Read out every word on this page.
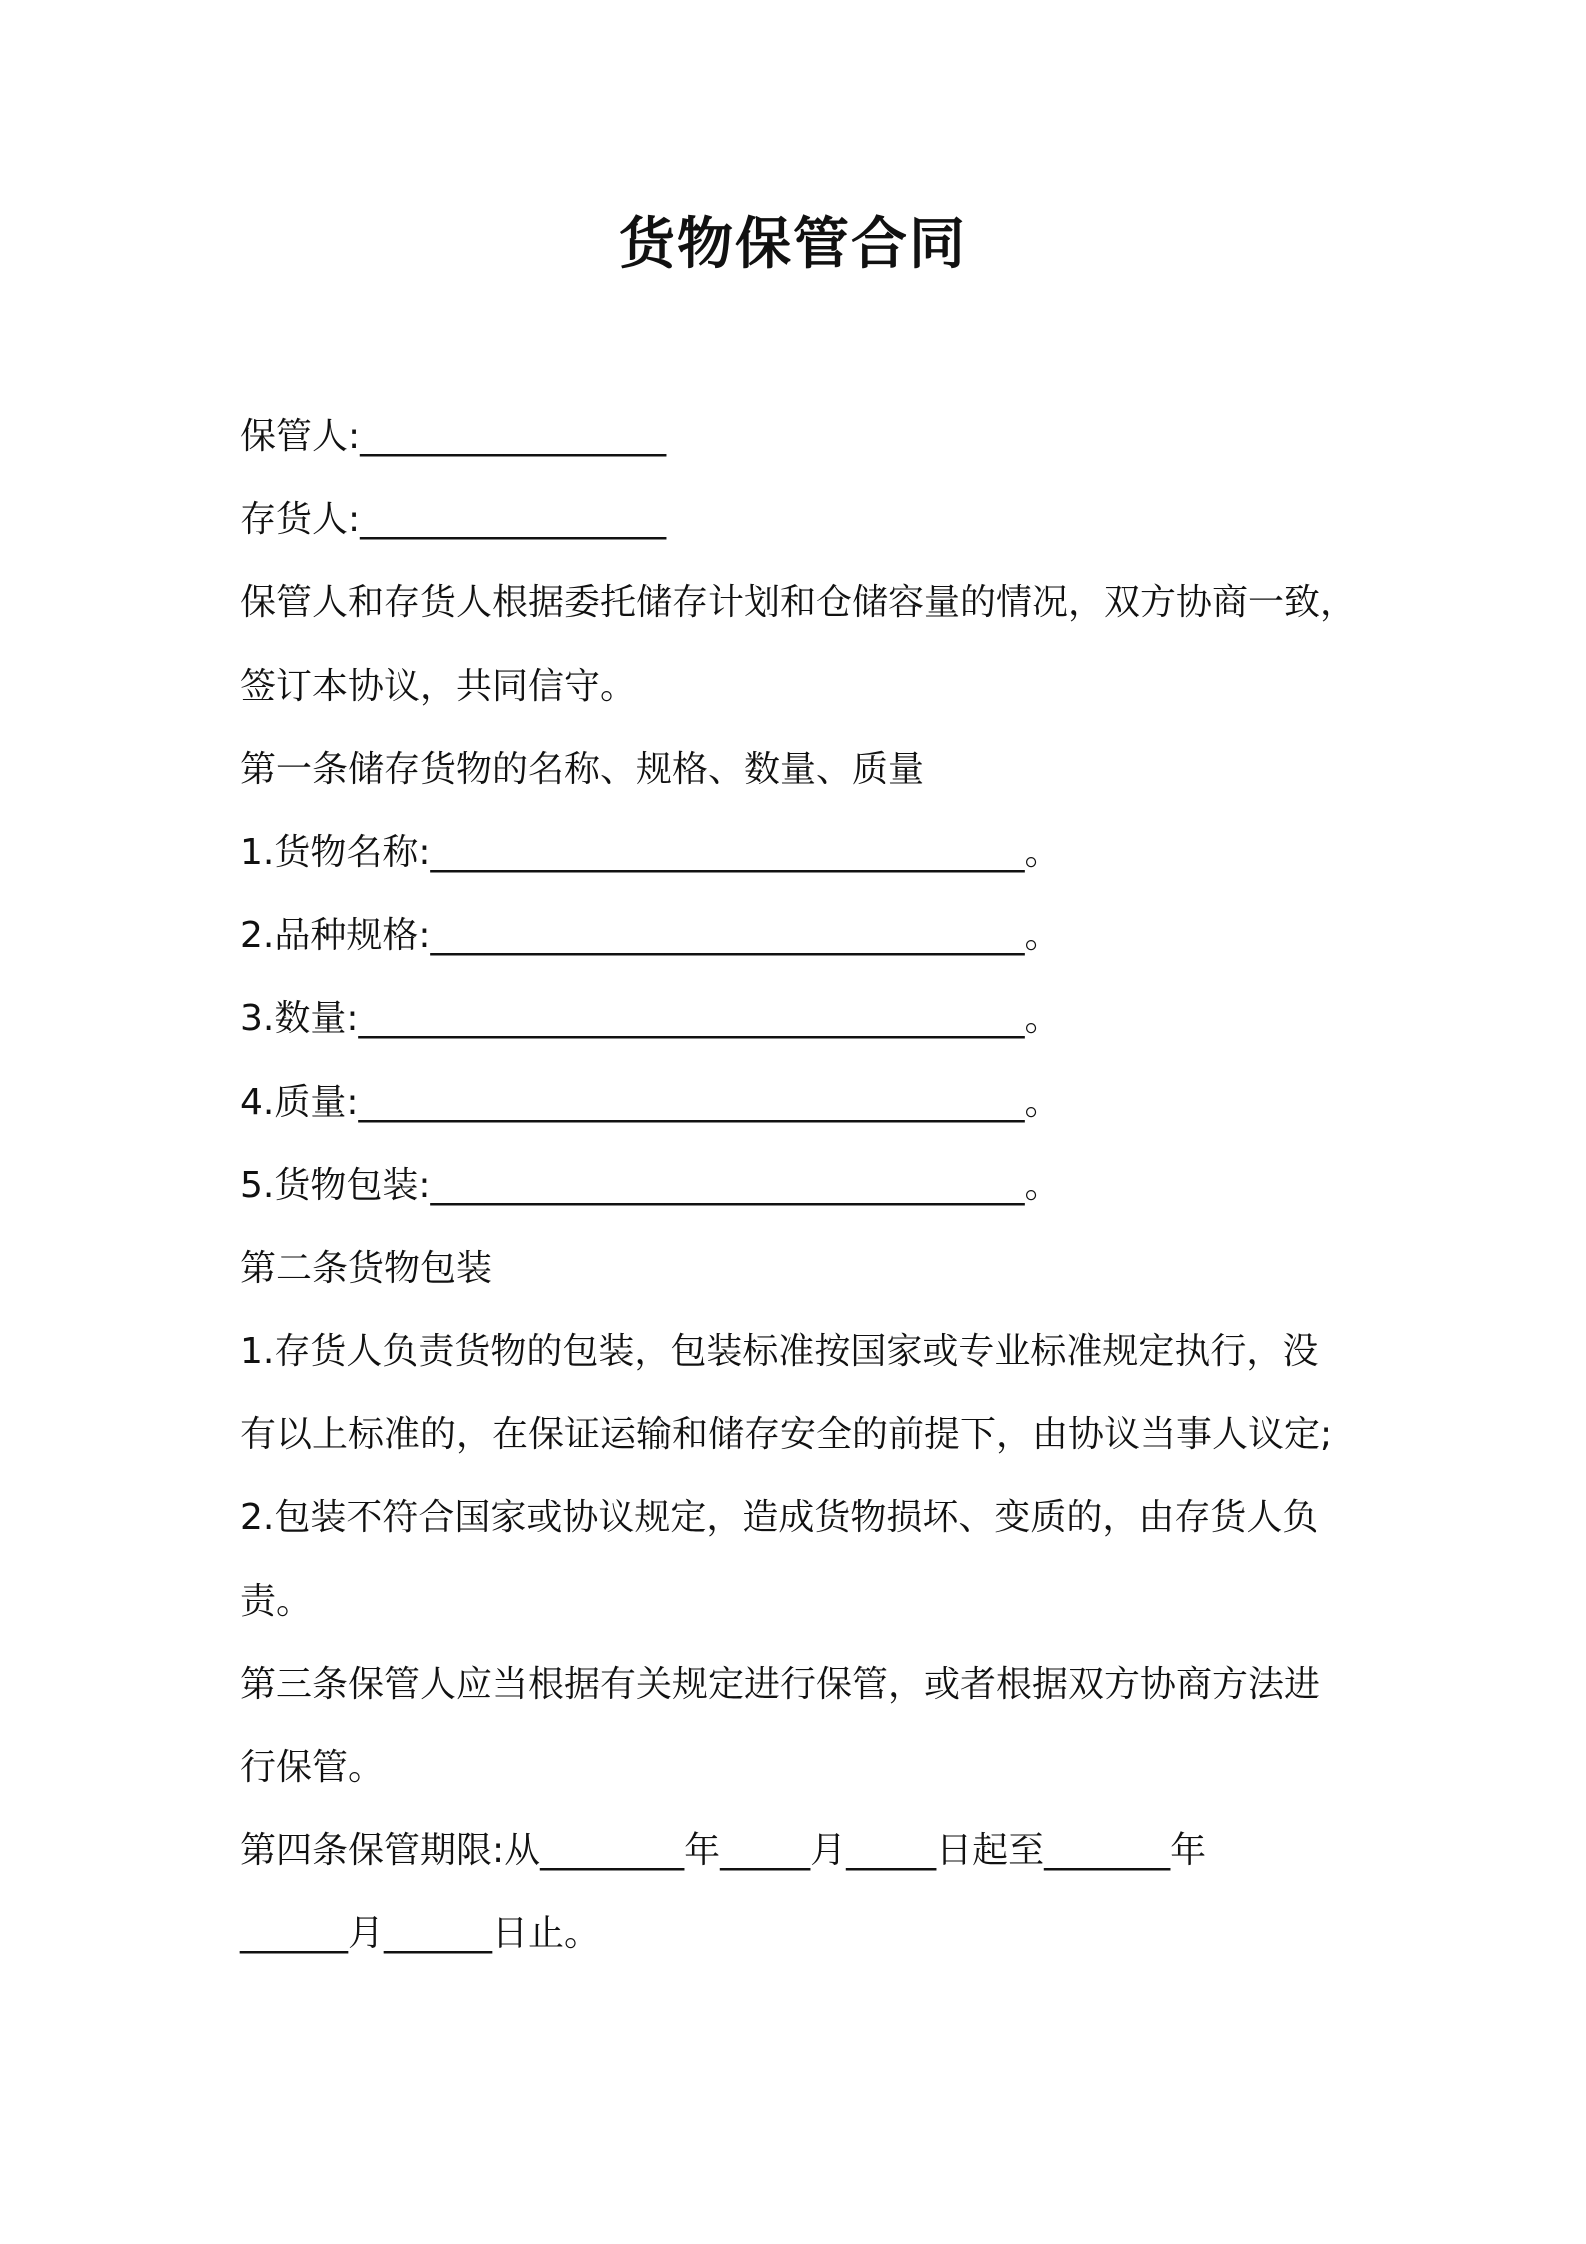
货物保管合同

保管人:_________________

存货人:_________________

保管人和存货人根据委托储存计划和仓储容量的情况，双方协商一致，

签订本协议，共同信守。

第一条储存货物的名称、规格、数量、质量

1.货物名称:_________________________________。

2.品种规格:_________________________________。

3.数量:_____________________________________。

4.质量:_____________________________________。

5.货物包装:_________________________________。

第二条货物包装

1.存货人负责货物的包装，包装标准按国家或专业标准规定执行，没

有以上标准的，在保证运输和储存安全的前提下，由协议当事人议定;

2.包装不符合国家或协议规定，造成货物损坏、变质的，由存货人负

责。

第三条保管人应当根据有关规定进行保管，或者根据双方协商方法进

行保管。

第四条保管期限:从________年_____月_____日起至_______年

______月______日止。
